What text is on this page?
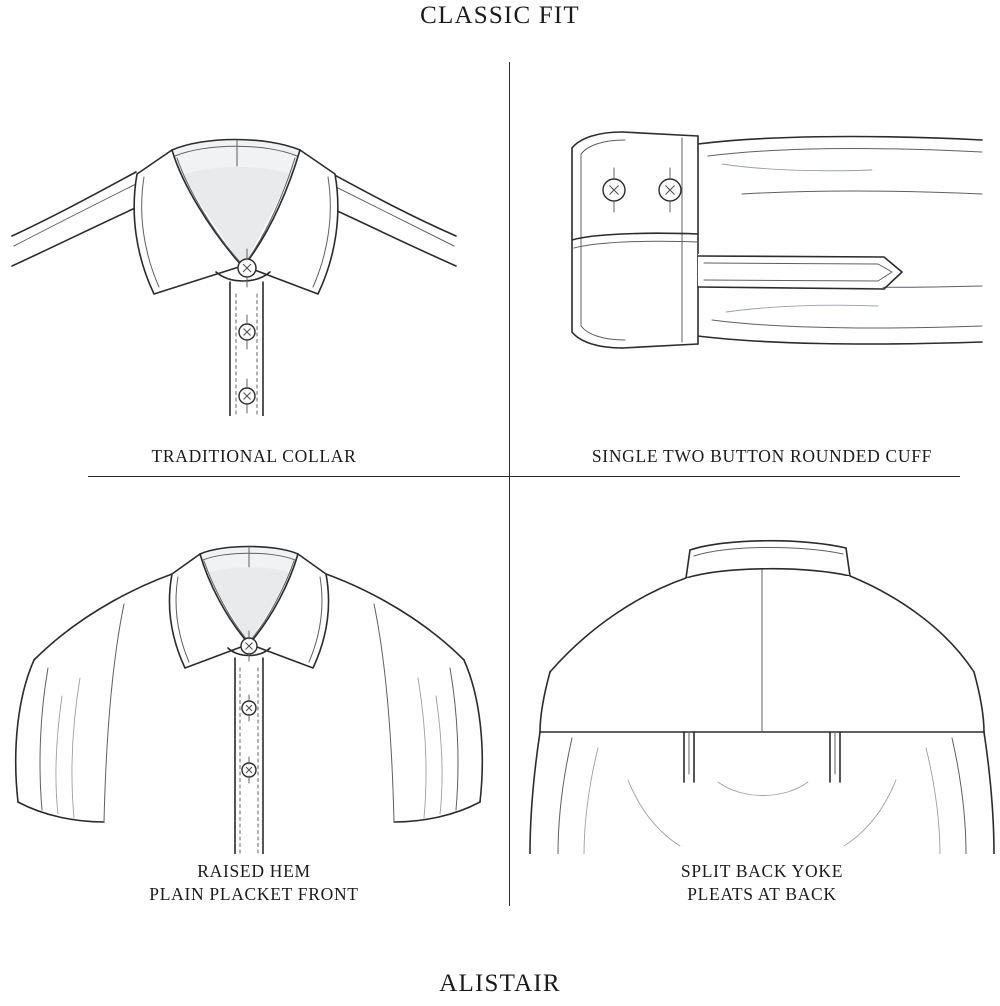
CLASSIC FIT
TRADITIONAL COLLAR	SINGLE TWO BUTTON ROUNDED CUFF
RAISED HEM
PLAIN PLACKET FRONT
SPLIT BACK YOKE
PLEATS AT BACK
ALISTAIR
